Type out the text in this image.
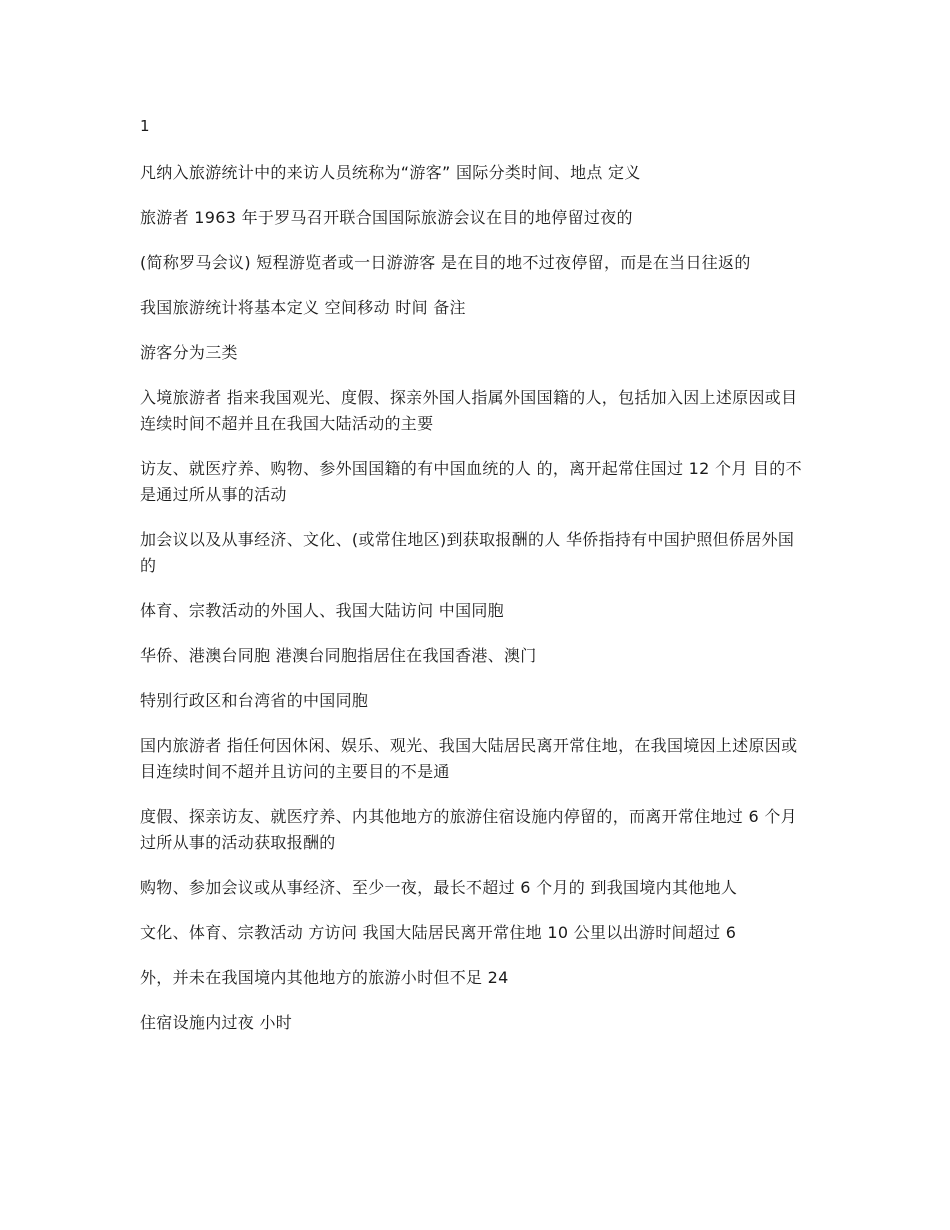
1

凡纳入旅游统计中的来访人员统称为“游客” 国际分类时间、地点 定义

旅游者 1963 年于罗马召开联合国国际旅游会议在目的地停留过夜的

(简称罗马会议) 短程游览者或一日游游客 是在目的地不过夜停留，而是在当日往返的

我国旅游统计将基本定义 空间移动 时间 备注

游客分为三类

入境旅游者 指来我国观光、度假、探亲外国人指属外国国籍的人，包括加入因上述原因或目连续时间不超并且在我国大陆活动的主要

访友、就医疗养、购物、参外国国籍的有中国血统的人 的，离开起常住国过 12 个月 目的不是通过所从事的活动

加会议以及从事经济、文化、(或常住地区)到获取报酬的人 华侨指持有中国护照但侨居外国的

体育、宗教活动的外国人、我国大陆访问 中国同胞

华侨、港澳台同胞 港澳台同胞指居住在我国香港、澳门

特别行政区和台湾省的中国同胞

国内旅游者 指任何因休闲、娱乐、观光、我国大陆居民离开常住地，在我国境因上述原因或目连续时间不超并且访问的主要目的不是通

度假、探亲访友、就医疗养、内其他地方的旅游住宿设施内停留的，而离开常住地过 6 个月 过所从事的活动获取报酬的

购物、参加会议或从事经济、至少一夜，最长不超过 6 个月的 到我国境内其他地人

文化、体育、宗教活动 方访问 我国大陆居民离开常住地 10 公里以出游时间超过 6

外，并未在我国境内其他地方的旅游小时但不足 24

住宿设施内过夜 小时
